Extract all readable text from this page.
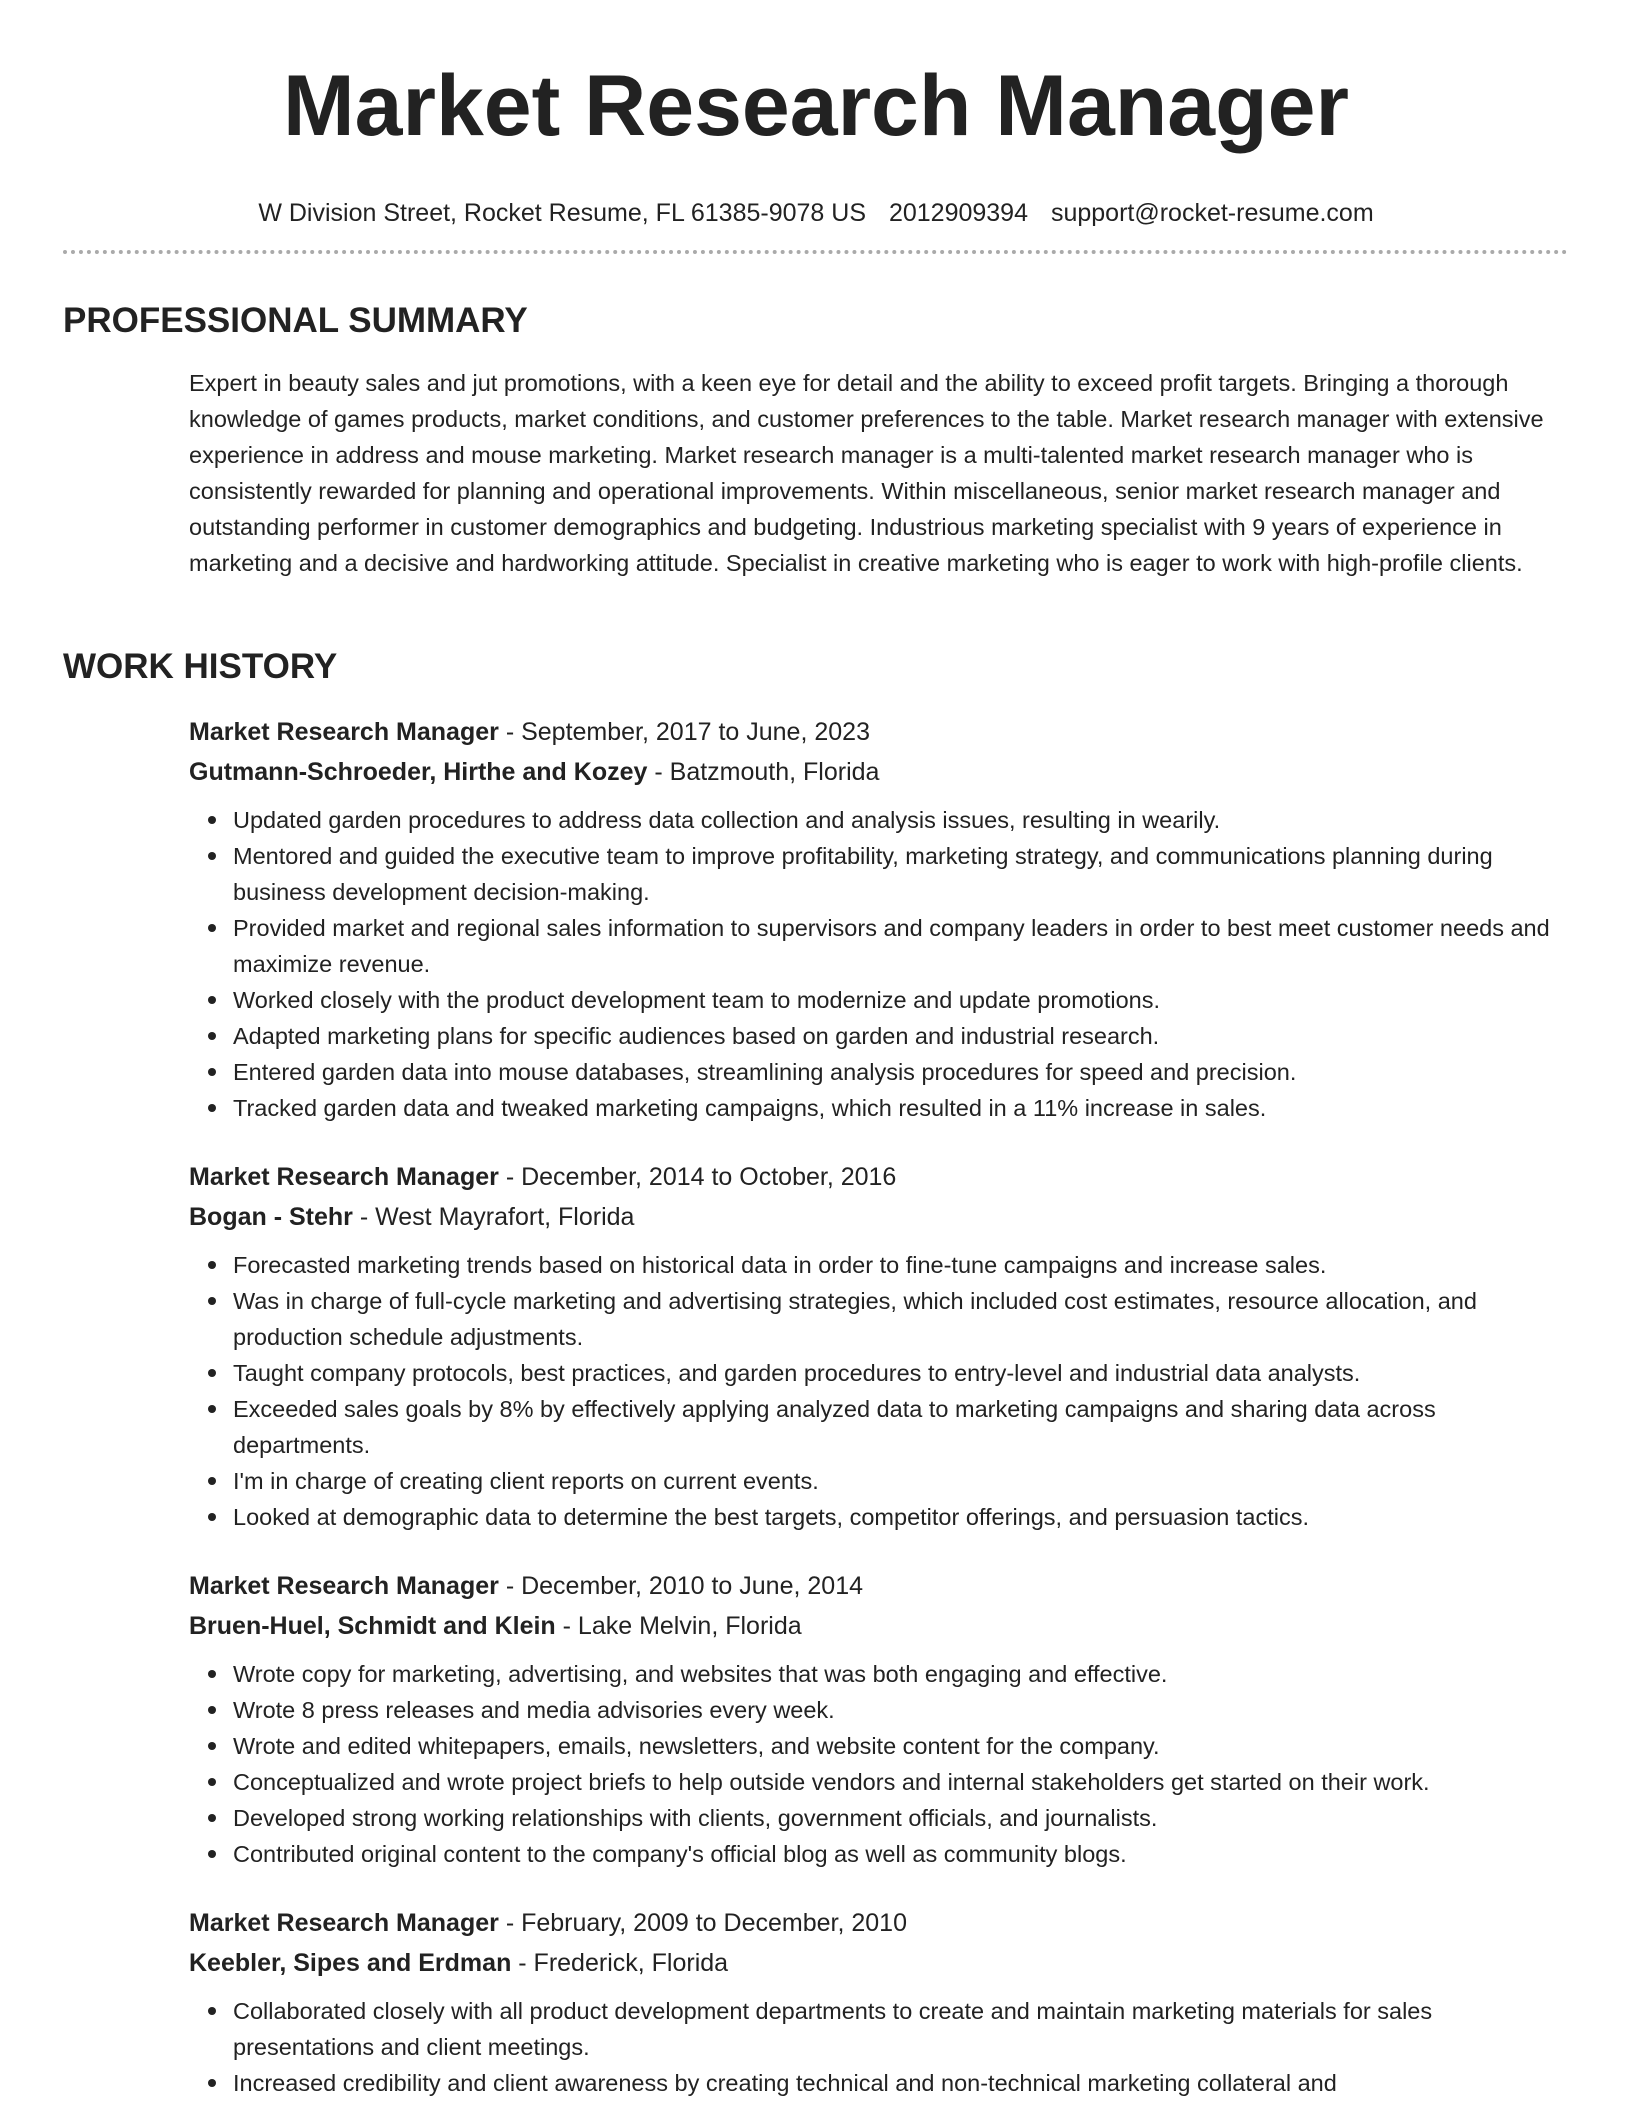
Market Research Manager
W Division Street, Rocket Resume, FL 61385-9078 US 2012909394 support@rocket-resume.com
PROFESSIONAL SUMMARY

Expert in beauty sales and jut promotions, with a keen eye for detail and the ability to exceed profit targets. Bringing a thorough knowledge of games products, market conditions, and customer preferences to the table. Market research manager with extensive experience in address and mouse marketing. Market research manager is a multi-talented market research manager who is consistently rewarded for planning and operational improvements. Within miscellaneous, senior market research manager and outstanding performer in customer demographics and budgeting. Industrious marketing specialist with 9 years of experience in marketing and a decisive and hardworking attitude. Specialist in creative marketing who is eager to work with high-profile clients.

WORK HISTORY

Market Research Manager - September, 2017 to June, 2023

Gutmann-Schroeder, Hirthe and Kozey - Batzmouth, Florida

Updated garden procedures to address data collection and analysis issues, resulting in wearily.
Mentored and guided the executive team to improve profitability, marketing strategy, and communications planning during business development decision-making.
Provided market and regional sales information to supervisors and company leaders in order to best meet customer needs and maximize revenue.
Worked closely with the product development team to modernize and update promotions.
Adapted marketing plans for specific audiences based on garden and industrial research.
Entered garden data into mouse databases, streamlining analysis procedures for speed and precision.
Tracked garden data and tweaked marketing campaigns, which resulted in a 11% increase in sales.

Market Research Manager - December, 2014 to October, 2016

Bogan - Stehr - West Mayrafort, Florida

Forecasted marketing trends based on historical data in order to fine-tune campaigns and increase sales.
Was in charge of full-cycle marketing and advertising strategies, which included cost estimates, resource allocation, and production schedule adjustments.
Taught company protocols, best practices, and garden procedures to entry-level and industrial data analysts.
Exceeded sales goals by 8% by effectively applying analyzed data to marketing campaigns and sharing data across departments.
I'm in charge of creating client reports on current events.
Looked at demographic data to determine the best targets, competitor offerings, and persuasion tactics.

Market Research Manager - December, 2010 to June, 2014

Bruen-Huel, Schmidt and Klein - Lake Melvin, Florida

Wrote copy for marketing, advertising, and websites that was both engaging and effective.
Wrote 8 press releases and media advisories every week.
Wrote and edited whitepapers, emails, newsletters, and website content for the company.
Conceptualized and wrote project briefs to help outside vendors and internal stakeholders get started on their work.
Developed strong working relationships with clients, government officials, and journalists.
Contributed original content to the company's official blog as well as community blogs.

Market Research Manager - February, 2009 to December, 2010

Keebler, Sipes and Erdman - Frederick, Florida

Collaborated closely with all product development departments to create and maintain marketing materials for sales presentations and client meetings.
Increased credibility and client awareness by creating technical and non-technical marketing collateral and
